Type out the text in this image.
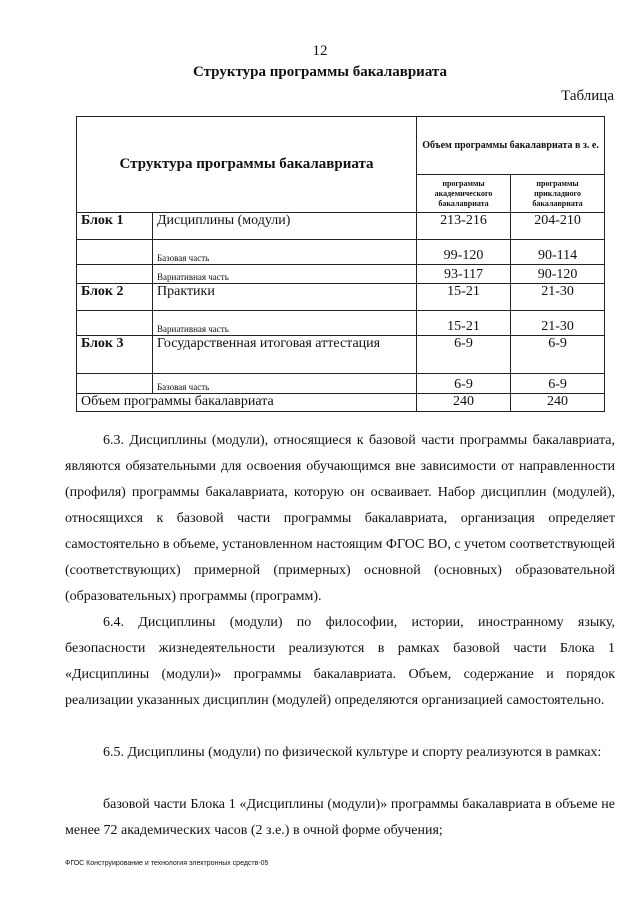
12
Структура программы бакалавриата
Таблица
Структура программы бакалавриата		Объем программы бакалавриата в з. е.	
		программы академического бакалавриата	программы прикладного бакалавриата
Блок 1	Дисциплины (модули)	213-216	204-210
	Базовая часть	99-120	90-114
	Вариативная часть	93-117	90-120
Блок 2	Практики	15-21	21-30
	Вариативная часть	15-21	21-30
Блок 3	Государственная итоговая аттестация	6-9	6-9
	Базовая часть	6-9	6-9
Объем программы бакалавриата		240	240

6.3. Дисциплины (модули), относящиеся к базовой части программы бакалавриата, являются обязательными для освоения обучающимся вне зависимости от направленности (профиля) программы бакалавриата, которую он осваивает. Набор дисциплин (модулей), относящихся к базовой части программы бакалавриата, организация определяет самостоятельно в объеме, установленном настоящим ФГОС ВО, с учетом соответствующей (соответствующих) примерной (примерных) основной (основных) образовательной (образовательных) программы (программ).

6.4. Дисциплины (модули) по философии, истории, иностранному языку, безопасности жизнедеятельности реализуются в рамках базовой части Блока 1 «Дисциплины (модули)» программы бакалавриата. Объем, содержание и порядок реализации указанных дисциплин (модулей) определяются организацией самостоятельно.

6.5. Дисциплины (модули) по физической культуре и спорту реализуются в рамках:

базовой части Блока 1 «Дисциплины (модули)» программы бакалавриата в объеме не менее 72 академических часов (2 з.е.) в очной форме обучения;

ФГОС Конструирование и технология электронных средств-05
